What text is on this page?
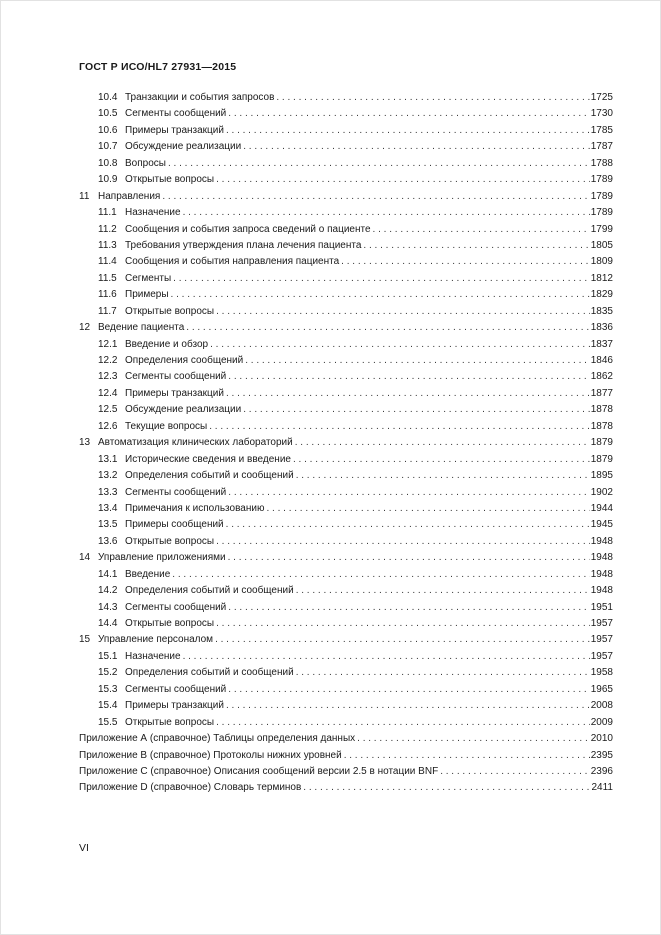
ГОСТ Р ИСО/HL7 27931—2015
10.4 Транзакции и события запросов . . .	1725
10.5 Сегменты сообщений . . .	1730
10.6 Примеры транзакций . . .	1785
10.7 Обсуждение реализации . . .	1787
10.8 Вопросы . . .	1788
10.9 Открытые вопросы . . .	1789
11 Направления . . .	1789
11.1 Назначение . . .	1789
11.2 Сообщения и события запроса сведений о пациенте . . .	1799
11.3 Требования утверждения плана лечения пациента . . .	1805
11.4 Сообщения и события направления пациента . . .	1809
11.5 Сегменты . . .	1812
11.6 Примеры . . .	1829
11.7 Открытые вопросы . . .	1835
12 Ведение пациента . . .	1836
12.1 Введение и обзор . . .	1837
12.2 Определения сообщений . . .	1846
12.3 Сегменты сообщений . . .	1862
12.4 Примеры транзакций . . .	1877
12.5 Обсуждение реализации . . .	1878
12.6 Текущие вопросы . . .	1878
13 Автоматизация клинических лабораторий . . .	1879
13.1 Исторические сведения и введение . . .	1879
13.2 Определения событий и сообщений . . .	1895
13.3 Сегменты сообщений . . .	1902
13.4 Примечания к использованию . . .	1944
13.5 Примеры сообщений . . .	1945
13.6 Открытые вопросы . . .	1948
14 Управление приложениями . . .	1948
14.1 Введение . . .	1948
14.2 Определения событий и сообщений . . .	1948
14.3 Сегменты сообщений . . .	1951
14.4 Открытые вопросы . . .	1957
15 Управление персоналом . . .	1957
15.1 Назначение . . .	1957
15.2 Определения событий и сообщений . . .	1958
15.3 Сегменты сообщений . . .	1965
15.4 Примеры транзакций . . .	2008
15.5 Открытые вопросы . . .	2009
Приложение А (справочное) Таблицы определения данных . . .	2010
Приложение В (справочное) Протоколы нижних уровней . . .	2395
Приложение С (справочное) Описания сообщений версии 2.5 в нотации BNF . . .	2396
Приложение D (справочное) Словарь терминов . . .	2411
VI
